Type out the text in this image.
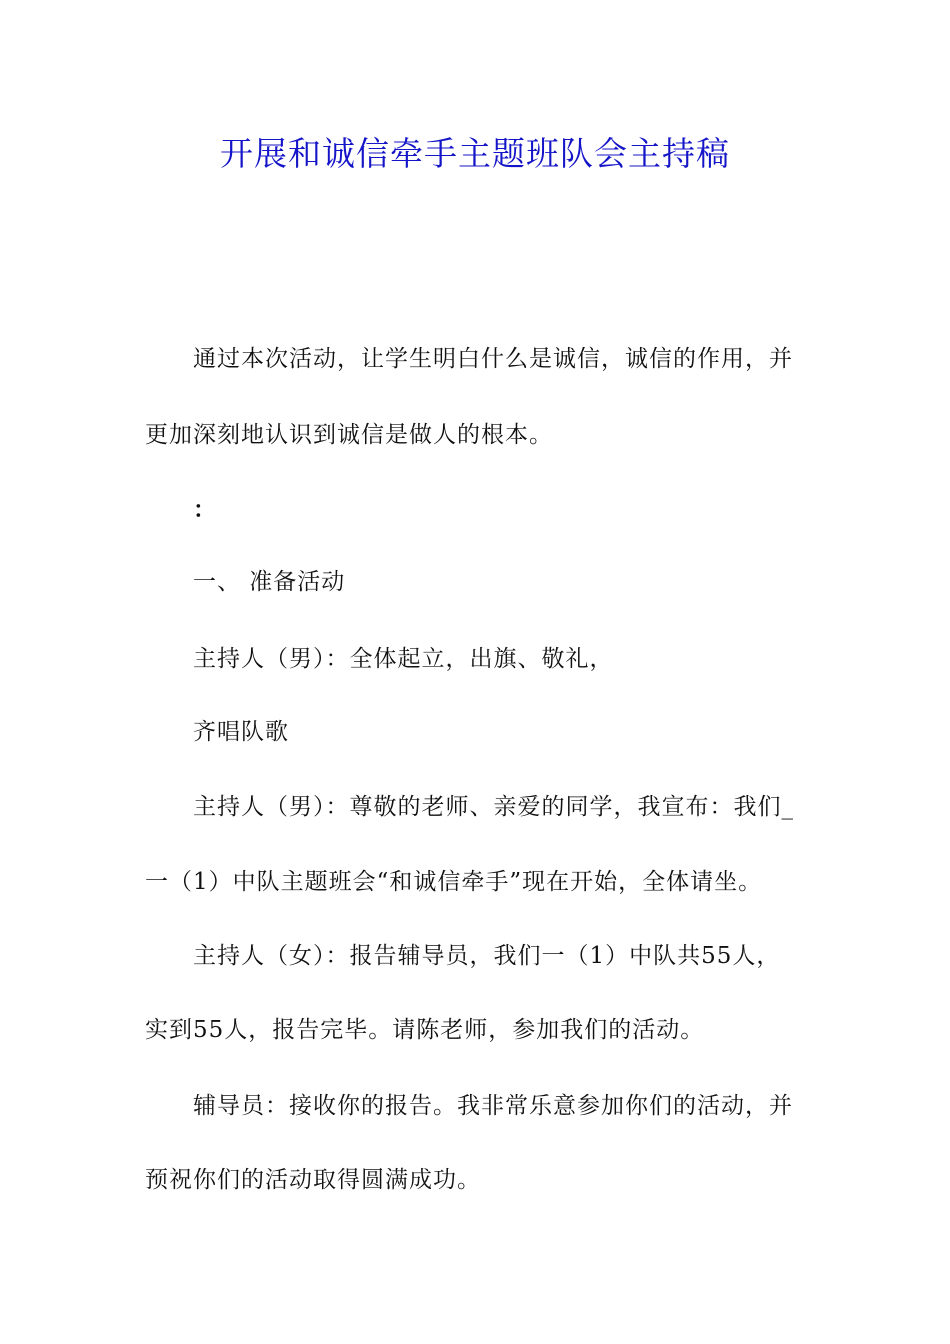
开展和诚信牵手主题班队会主持稿
通过本次活动，让学生明白什么是诚信，诚信的作用，并
更加深刻地认识到诚信是做人的根本。
：
一、 准备活动
主持人（男）：全体起立，出旗、敬礼，
齐唱队歌
主持人（男）：尊敬的老师、亲爱的同学，我宣布：我们_
一（1）中队主题班会“和诚信牵手”现在开始，全体请坐。
主持人（女）：报告辅导员，我们一（1）中队共55人，
实到55人，报告完毕。请陈老师，参加我们的活动。
辅导员：接收你的报告。我非常乐意参加你们的活动，并
预祝你们的活动取得圆满成功。
